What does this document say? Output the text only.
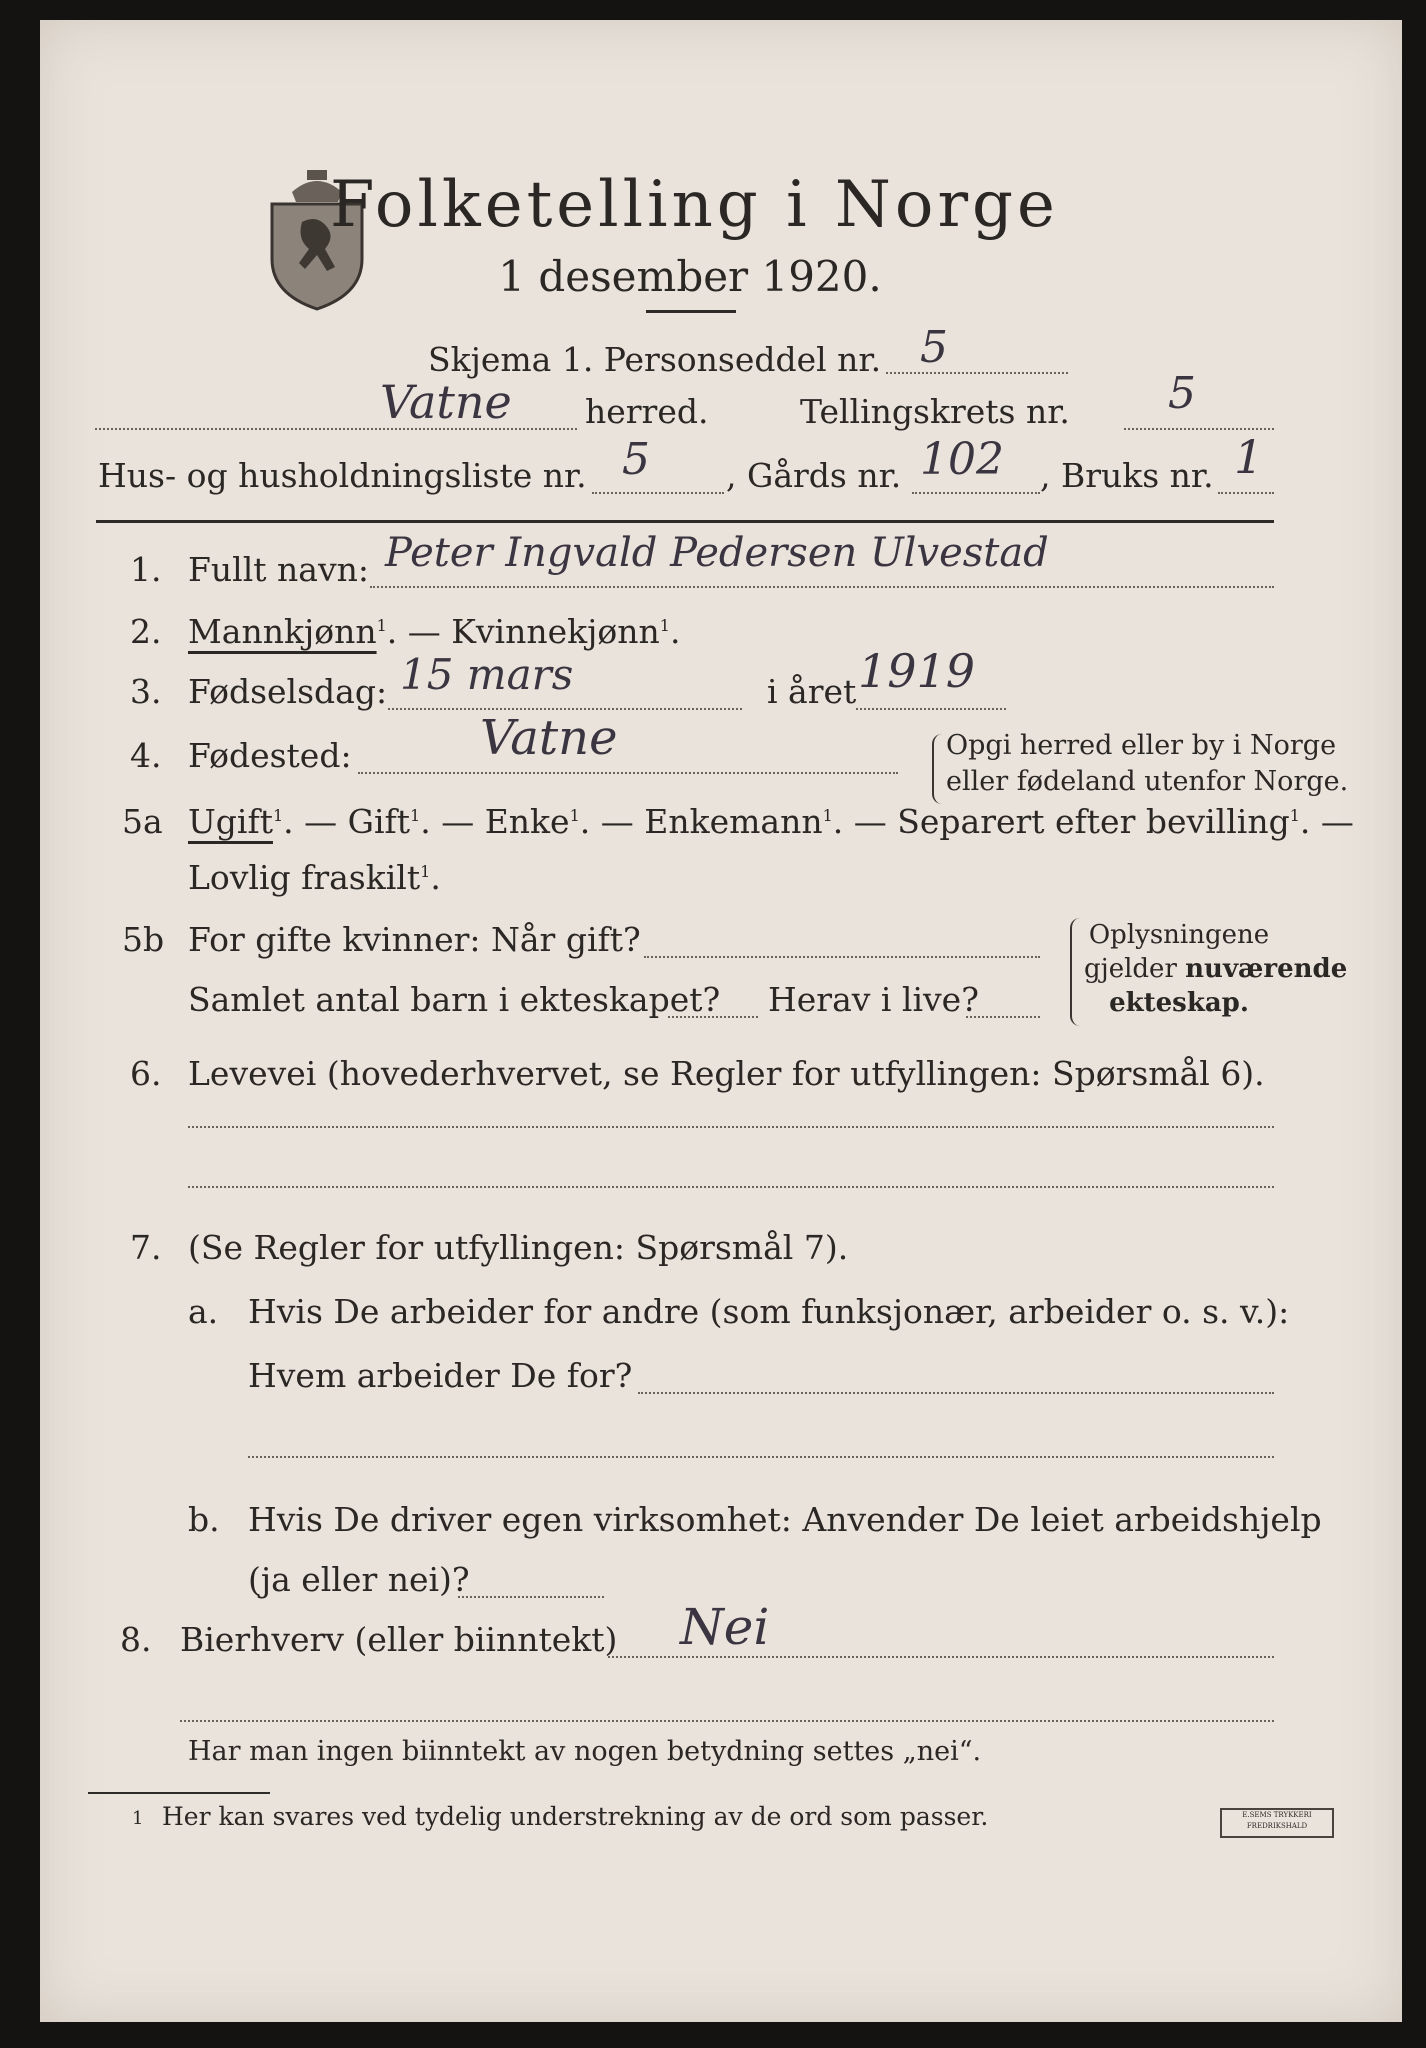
Folketelling i Norge
1 desember 1920.
Skjema 1. Personseddel nr. 5
Vatne herred.	Tellingskrets nr. 5
Hus- og husholdningsliste nr. 5 , Gårds nr. 102 , Bruks nr. 1
1. Fullt navn: Peter Ingvald Pedersen Ulvestad
2. Mannkjønn$^1$. — Kvinnekjønn$^1$.
3. Fødselsdag: 15 mars	i året 1919
4. Fødested:	Vatne	Opgi herred eller by i Norge
eller fødeland utenfor Norge.
5a Ugift$^1$. — Gift$^1$. — Enke$^1$. — Enkemann$^1$. — Separert efter bevilling$^1$. —
Lovlig fraskilt$^1$.
5b For gifte kvinner: Når gift?
Samlet antal barn i ekteskapet? Herav i live?
Oplysningene
gjelder nuværende
ekteskap.
6. Levevei (hovederhvervet, se Regler for utfyllingen: Spørsmål 6).
7. (Se Regler for utfyllingen: Spørsmål 7).
a. Hvis De arbeider for andre (som funksjonær, arbeider o. s. v.):
Hvem arbeider De for?
b. Hvis De driver egen virksomhet: Anvender De leiet arbeidshjelp
(ja eller nei)?
8. Bierhverv (eller biinntekt) Nei
Har man ingen biinntekt av nogen betydning settes „nei“.
1 Her kan svares ved tydelig understrekning av de ord som passer.	E.SEMS TRYKKERI FREDRIKSHALD
